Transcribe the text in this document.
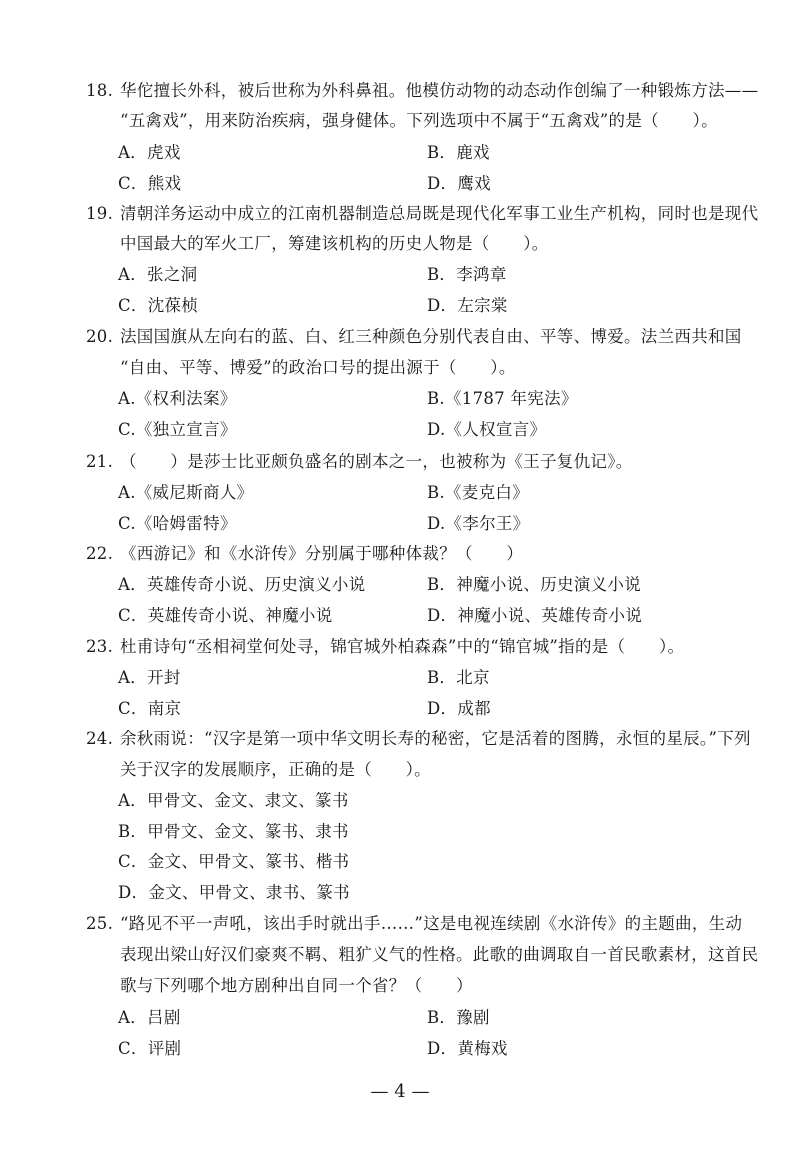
18. 华佗擅长外科，被后世称为外科鼻祖。他模仿动物的动态动作创编了一种锻炼方法——
“五禽戏”，用来防治疾病，强身健体。下列选项中不属于“五禽戏”的是（　　）。
A．虎戏	B．鹿戏
C．熊戏	D．鹰戏
19. 清朝洋务运动中成立的江南机器制造总局既是现代化军事工业生产机构，同时也是现代
中国最大的军火工厂，筹建该机构的历史人物是（　　）。
A．张之洞	B．李鸿章
C．沈葆桢	D．左宗棠
20. 法国国旗从左向右的蓝、白、红三种颜色分别代表自由、平等、博爱。法兰西共和国
“自由、平等、博爱”的政治口号的提出源于（　　）。
A.《权利法案》	B.《1787 年宪法》
C.《独立宣言》	D.《人权宣言》
21. （　　）是莎士比亚颇负盛名的剧本之一，也被称为《王子复仇记》。
A.《威尼斯商人》	B.《麦克白》
C.《哈姆雷特》	D.《李尔王》
22. 《西游记》和《水浒传》分别属于哪种体裁？（　　）
A．英雄传奇小说、历史演义小说	B．神魔小说、历史演义小说
C．英雄传奇小说、神魔小说	D．神魔小说、英雄传奇小说
23. 杜甫诗句“丞相祠堂何处寻，锦官城外柏森森”中的“锦官城”指的是（　　）。
A．开封	B．北京
C．南京	D．成都
24. 余秋雨说：“汉字是第一项中华文明长寿的秘密，它是活着的图腾，永恒的星辰。”下列
关于汉字的发展顺序，正确的是（　　）。
A．甲骨文、金文、隶文、篆书
B．甲骨文、金文、篆书、隶书
C．金文、甲骨文、篆书、楷书
D．金文、甲骨文、隶书、篆书
25. “路见不平一声吼，该出手时就出手……”这是电视连续剧《水浒传》的主题曲，生动
表现出梁山好汉们豪爽不羁、粗犷义气的性格。此歌的曲调取自一首民歌素材，这首民
歌与下列哪个地方剧种出自同一个省？（　　）
A．吕剧	B．豫剧
C．评剧	D．黄梅戏
— 4 —
